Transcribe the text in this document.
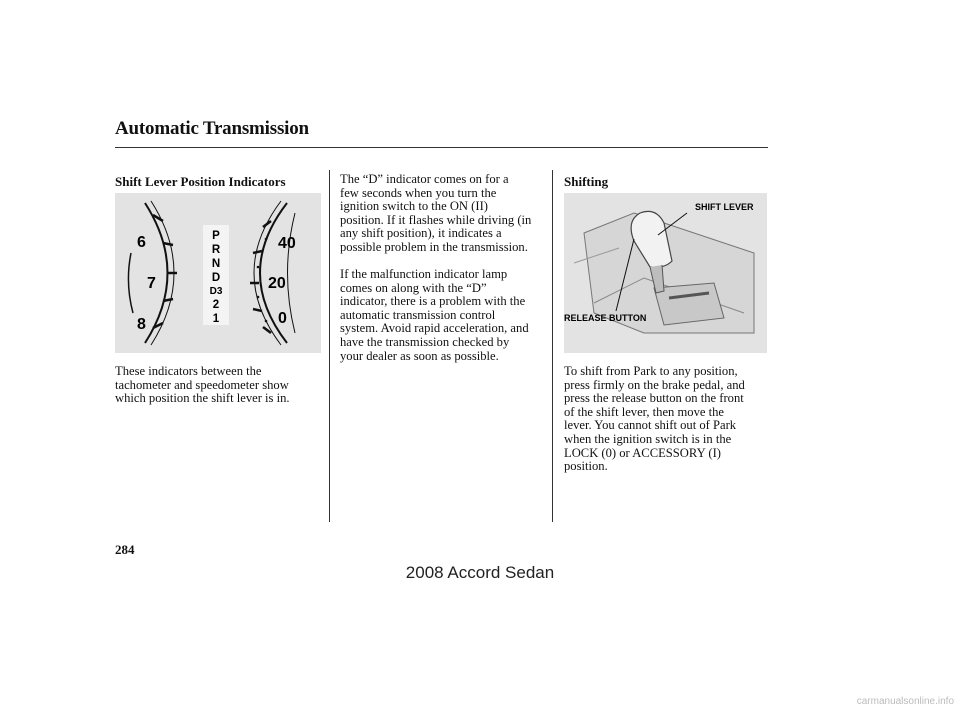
Automatic Transmission
Shift Lever Position Indicators
6
7
8
40
20
0
P
R
N
D
D3
2
1
These indicators between the
tachometer and speedometer show
which position the shift lever is in.
The “D” indicator comes on for a
few seconds when you turn the
ignition switch to the ON (II)
position. If it flashes while driving (in
any shift position), it indicates a
possible problem in the transmission.
If the malfunction indicator lamp
comes on along with the “D”
indicator, there is a problem with the
automatic transmission control
system. Avoid rapid acceleration, and
have the transmission checked by
your dealer as soon as possible.
Shifting
SHIFT LEVER
RELEASE BUTTON
To shift from Park to any position,
press firmly on the brake pedal, and
press the release button on the front
of the shift lever, then move the
lever. You cannot shift out of Park
when the ignition switch is in the
LOCK (0) or ACCESSORY (I)
position.
284
2008 Accord Sedan
carmanualsonline.info
